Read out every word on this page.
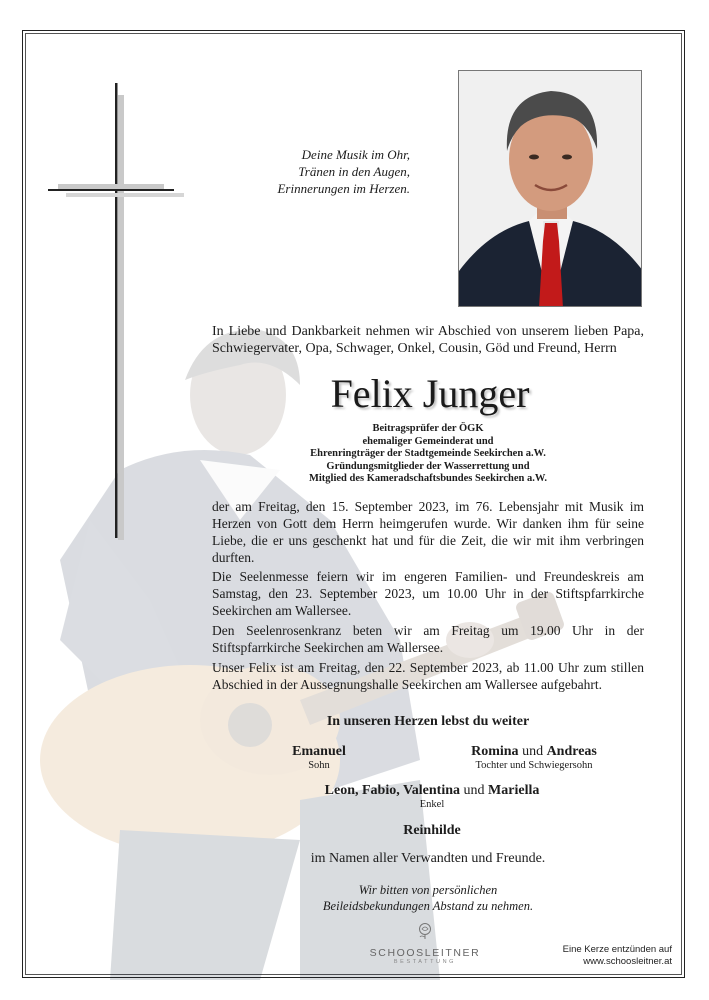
Deine Musik im Ohr,
Tränen in den Augen,
Erinnerungen im Herzen.
In Liebe und Dankbarkeit nehmen wir Abschied von unserem lieben Papa, Schwiegervater, Opa, Schwager, Onkel, Cousin, Göd und Freund, Herrn
Felix Junger
Beitragsprüfer der ÖGK
ehemaliger Gemeinderat und
Ehrenringträger der Stadtgemeinde Seekirchen a.W.
Gründungsmitglieder der Wasserrettung und
Mitglied des Kameradschaftsbundes Seekirchen a.W.
der am Freitag, den 15. September 2023, im 76. Lebensjahr mit Musik im Herzen von Gott dem Herrn heimgerufen wurde. Wir danken ihm für seine Liebe, die er uns geschenkt hat und für die Zeit, die wir mit ihm verbringen durften.
Die Seelenmesse feiern wir im engeren Familien- und Freundeskreis am Samstag, den 23. September 2023, um 10.00 Uhr in der Stiftspfarrkirche Seekirchen am Wallersee.
Den Seelenrosenkranz beten wir am Freitag um 19.00 Uhr in der Stiftspfarrkirche Seekirchen am Wallersee.
Unser Felix ist am Freitag, den 22. September 2023, ab 11.00 Uhr zum stillen Abschied in der Aussegnungshalle Seekirchen am Wallersee aufgebahrt.
In unseren Herzen lebst du weiter
Emanuel
Sohn
Romina und Andreas
Tochter und Schwiegersohn
Leon, Fabio, Valentina und Mariella
Enkel
Reinhilde
im Namen aller Verwandten und Freunde.
Wir bitten von persönlichen
Beileidsbekundungen Abstand zu nehmen.
SCHOOSLEITNER
BESTATTUNG
Eine Kerze entzünden auf
www.schoosleitner.at
